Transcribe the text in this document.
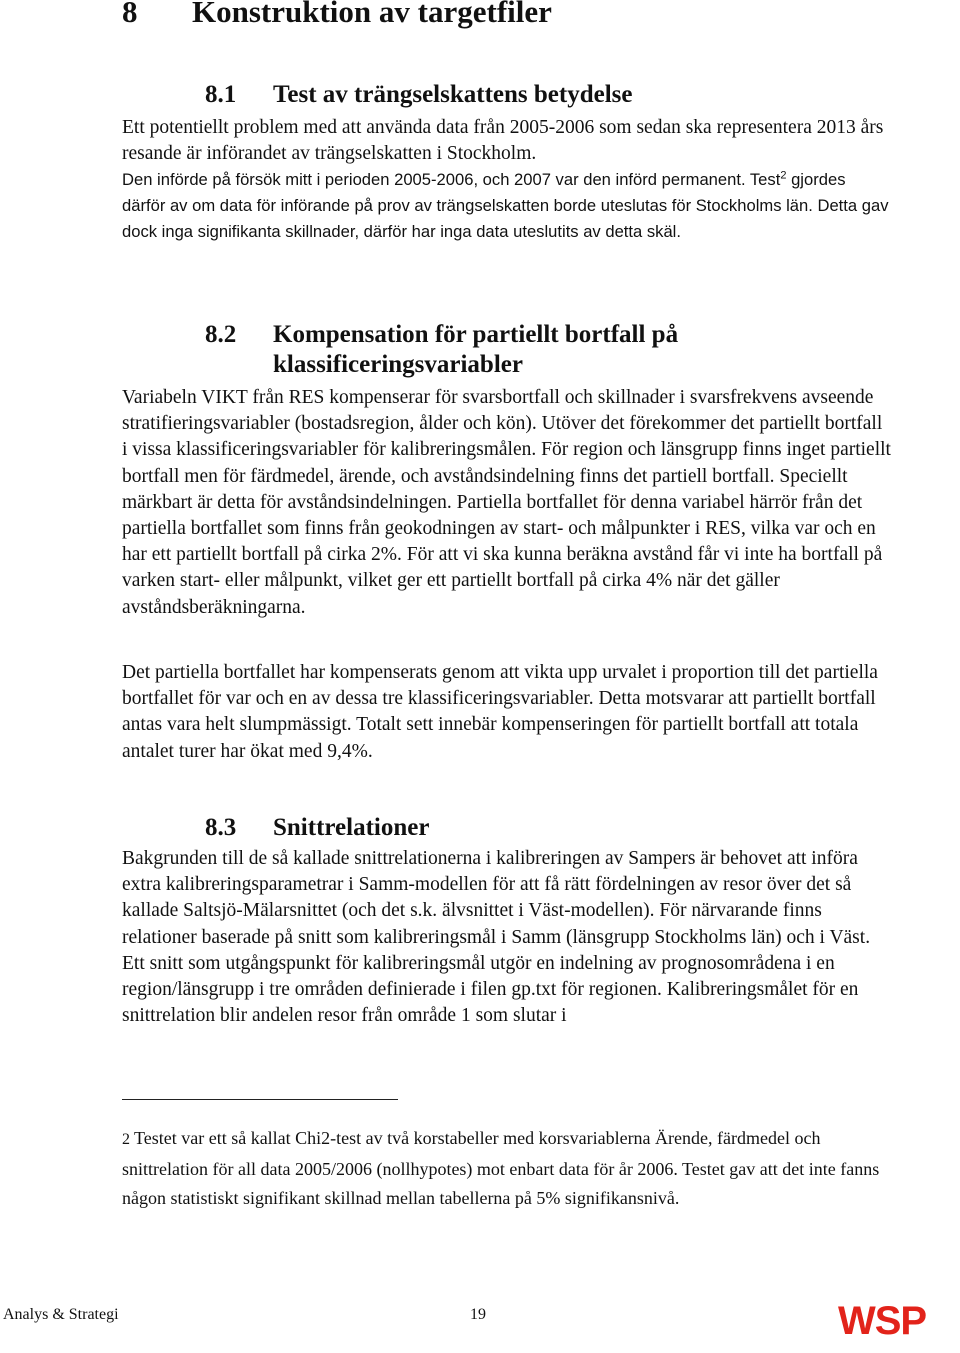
8 Konstruktion av targetfiler
8.1	Test av trängselskattens betydelse

Ett potentiellt problem med att använda data från 2005-2006 som sedan ska representera 2013 års resande är införandet av trängselskatten i Stockholm.

Den införde på försök mitt i perioden 2005-2006, och 2007 var den införd permanent. Test$^2$ gjordes därför av om data för införande på prov av trängselskatten borde uteslutas för Stockholms län. Detta gav dock inga signifikanta skillnader, därför har inga data uteslutits av detta skäl.

8.2	Kompensation för partiellt bortfall på klassificeringsvariabler

Variabeln VIKT från RES kompenserar för svarsbortfall och skillnader i svarsfrekvens avseende stratifieringsvariabler (bostadsregion, ålder och kön). Utöver det förekommer det partiellt bortfall i vissa klassificeringsvariabler för kalibreringsmålen. För region och länsgrupp finns inget partiellt bortfall men för färdmedel, ärende, och avståndsindelning finns det partiell bortfall. Speciellt märkbart är detta för avståndsindelningen. Partiella bortfallet för denna variabel härrör från det partiella bortfallet som finns från geokodningen av start- och målpunkter i RES, vilka var och en har ett partiellt bortfall på cirka 2%. För att vi ska kunna beräkna avstånd får vi inte ha bortfall på varken start- eller målpunkt, vilket ger ett partiellt bortfall på cirka 4% när det gäller avståndsberäkningarna.

Det partiella bortfallet har kompenserats genom att vikta upp urvalet i proportion till det partiella bortfallet för var och en av dessa tre klassificeringsvariabler. Detta motsvarar att partiellt bortfall antas vara helt slumpmässigt. Totalt sett innebär kompenseringen för partiellt bortfall att totala antalet turer har ökat med 9,4%.

8.3	Snittrelationer

Bakgrunden till de så kallade snittrelationerna i kalibreringen av Sampers är behovet att införa extra kalibreringsparametrar i Samm-modellen för att få rätt fördelningen av resor över det så kallade Saltsjö-Mälarsnittet (och det s.k. älvsnittet i Väst-modellen). För närvarande finns relationer baserade på snitt som kalibreringsmål i Samm (länsgrupp Stockholms län) och i Väst. Ett snitt som utgångspunkt för kalibreringsmål utgör en indelning av prognosområdena i en region/länsgrupp i tre områden definierade i filen gp.txt för regionen. Kalibreringsmålet för en snittrelation blir andelen resor från område 1 som slutar i

2 Testet var ett så kallat Chi2-test av två korstabeller med korsvariablerna Ärende, färdmedel och snittrelation för all data 2005/2006 (nollhypotes) mot enbart data för år 2006. Testet gav att det inte fanns någon statistiskt signifikant skillnad mellan tabellerna på 5% signifikansnivå.

Analys & Strategi	19	WSP
